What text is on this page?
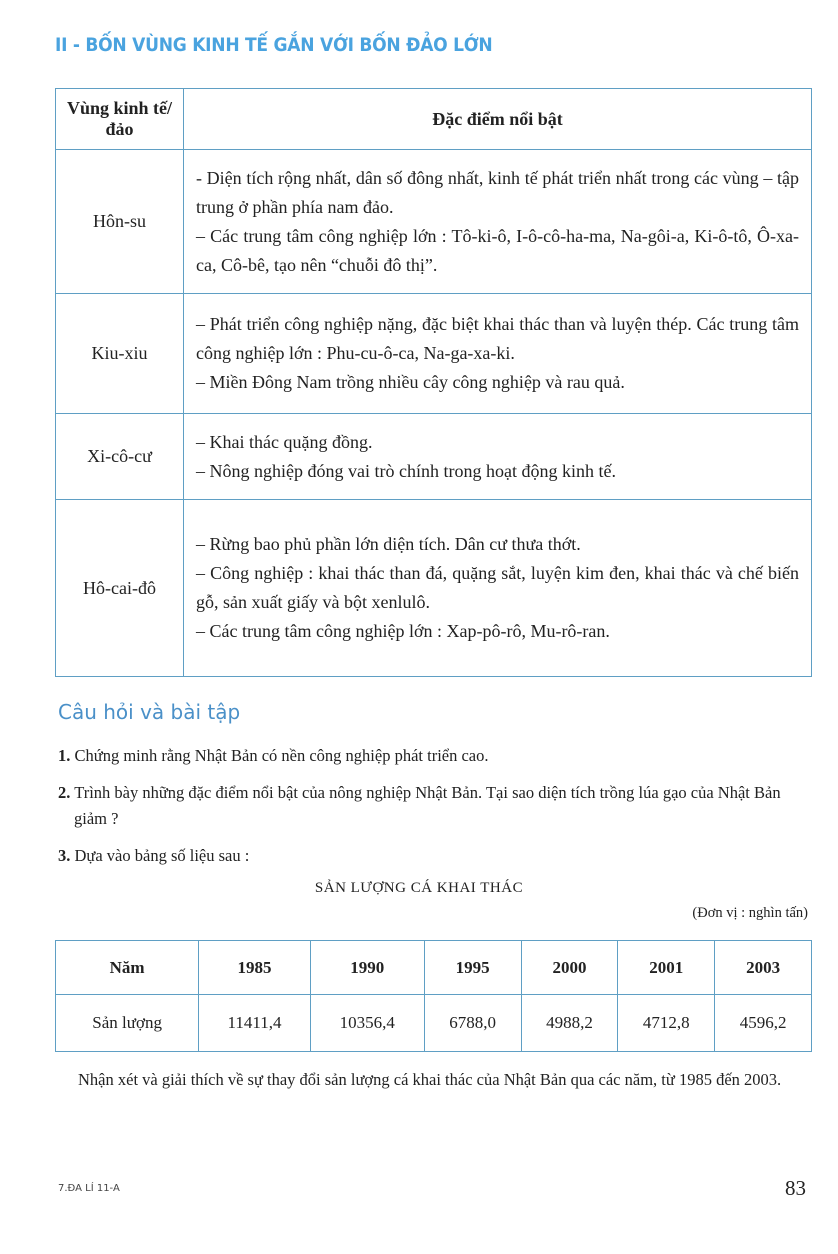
II - BỐN VÙNG KINH TẾ GẮN VỚI BỐN ĐẢO LỚN
Vùng kinh tế/đảo	Đặc điểm nổi bật
Hôn-su	- Diện tích rộng nhất, dân số đông nhất, kinh tế phát triển nhất trong các vùng – tập trung ở phần phía nam đảo.
– Các trung tâm công nghiệp lớn : Tô-ki-ô, I-ô-cô-ha-ma, Na-gôi-a, Ki-ô-tô, Ô-xa-ca, Cô-bê, tạo nên “chuỗi đô thị”.

Kiu-xiu	– Phát triển công nghiệp nặng, đặc biệt khai thác than và luyện thép. Các trung tâm công nghiệp lớn : Phu-cu-ô-ca, Na-ga-xa-ki.
– Miền Đông Nam trồng nhiều cây công nghiệp và rau quả.

Xi-cô-cư	– Khai thác quặng đồng.
– Nông nghiệp đóng vai trò chính trong hoạt động kinh tế.

Hô-cai-đô	– Rừng bao phủ phần lớn diện tích. Dân cư thưa thớt.
– Công nghiệp : khai thác than đá, quặng sắt, luyện kim đen, khai thác và chế biến gỗ, sản xuất giấy và bột xenlulô.
– Các trung tâm công nghiệp lớn : Xap-pô-rô, Mu-rô-ran.
Câu hỏi và bài tập
1. Chứng minh rằng Nhật Bản có nền công nghiệp phát triển cao.
2. Trình bày những đặc điểm nổi bật của nông nghiệp Nhật Bản. Tại sao diện tích trồng lúa gạo của Nhật Bản giảm ?
3. Dựa vào bảng số liệu sau :
SẢN LƯỢNG CÁ KHAI THÁC
(Đơn vị : nghìn tấn)
Năm	1985	1990	1995	2000	2001	2003
Sản lượng	11411,4	10356,4	6788,0	4988,2	4712,8	4596,2
Nhận xét và giải thích về sự thay đổi sản lượng cá khai thác của Nhật Bản qua các năm, từ 1985 đến 2003.
7.ĐA LÍ 11-A	83
